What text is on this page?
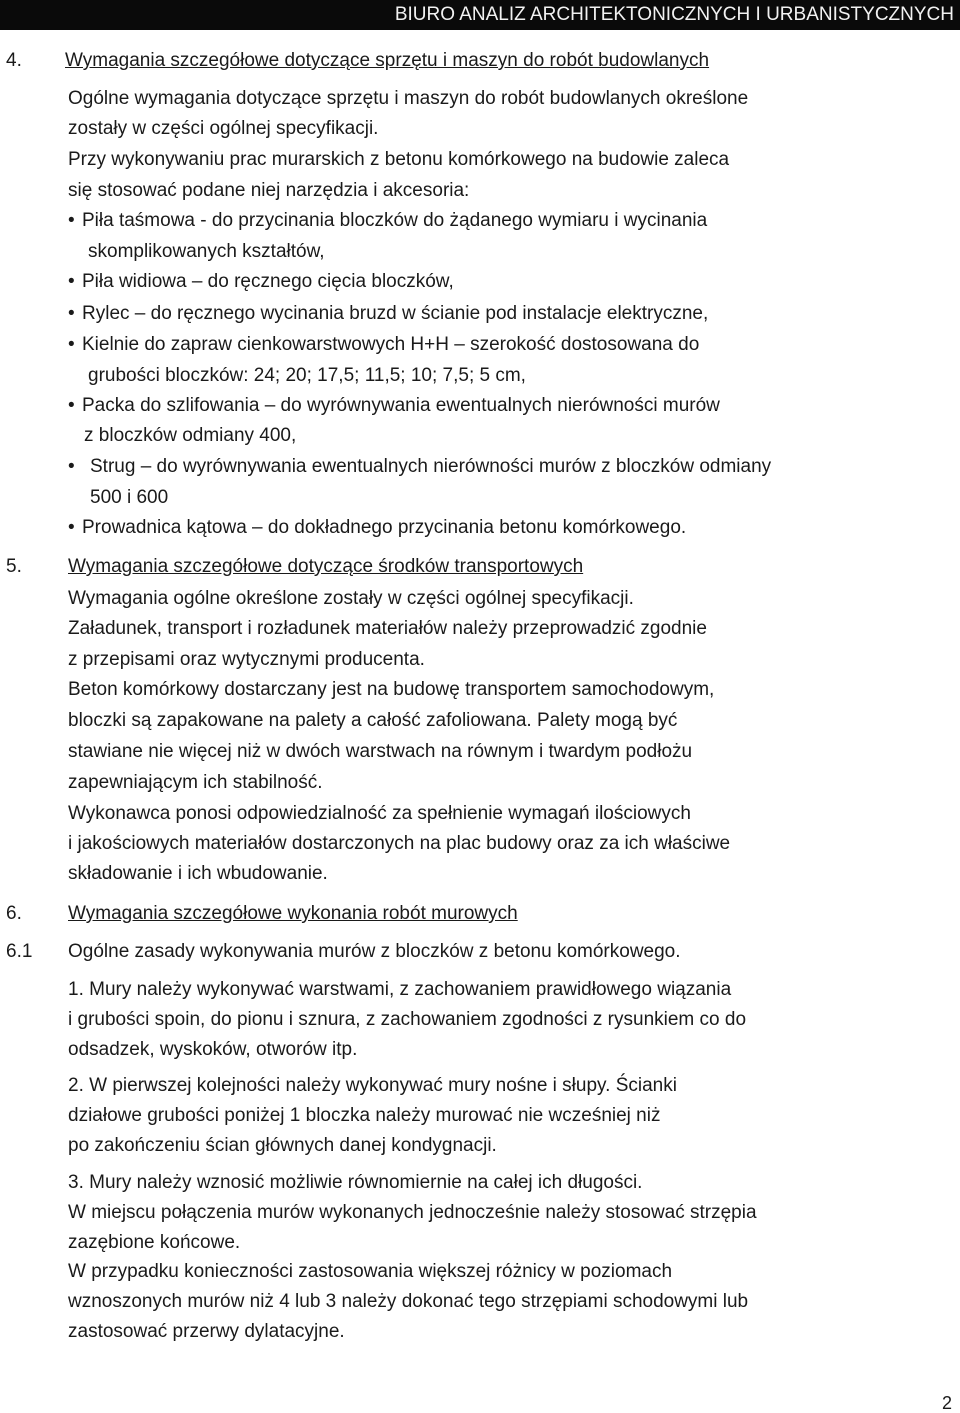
BIURO ANALIZ ARCHITEKTONICZNYCH I URBANISTYCZNYCH
4. Wymagania szczegółowe dotyczące sprzętu i maszyn do robót budowlanych
Ogólne wymagania dotyczące sprzętu i maszyn do robót budowlanych określone
zostały w części ogólnej specyfikacji.
Przy wykonywaniu prac murarskich z betonu komórkowego na budowie zaleca
się stosować podane niej narzędzia i akcesoria:
• Piła taśmowa - do przycinania bloczków do żądanego wymiaru i wycinania
skomplikowanych kształtów,
• Piła widiowa – do ręcznego cięcia bloczków,
• Rylec – do ręcznego wycinania bruzd w ścianie pod instalacje elektryczne,
• Kielnie do zapraw cienkowarstwowych H+H – szerokość dostosowana do
grubości bloczków: 24; 20; 17,5; 11,5; 10; 7,5; 5 cm,
• Packa do szlifowania – do wyrównywania ewentualnych nierówności murów
z bloczków odmiany 400,
• Strug – do wyrównywania ewentualnych nierówności murów z bloczków odmiany
500 i 600
• Prowadnica kątowa – do dokładnego przycinania betonu komórkowego.
5. Wymagania szczegółowe dotyczące środków transportowych
Wymagania ogólne określone zostały w części ogólnej specyfikacji.
Załadunek, transport i rozładunek materiałów należy przeprowadzić zgodnie
z przepisami oraz wytycznymi producenta.
Beton komórkowy dostarczany jest na budowę transportem samochodowym,
bloczki są zapakowane na palety a całość zafoliowana. Palety mogą być
stawiane nie więcej niż w dwóch warstwach na równym i twardym podłożu
zapewniającym ich stabilność.
Wykonawca ponosi odpowiedzialność za spełnienie wymagań ilościowych
i jakościowych materiałów dostarczonych na plac budowy oraz za ich właściwe
składowanie i ich wbudowanie.
6. Wymagania szczegółowe wykonania robót murowych
6.1 Ogólne zasady wykonywania murów z bloczków z betonu komórkowego.
1. Mury należy wykonywać warstwami, z zachowaniem prawidłowego wiązania
i grubości spoin, do pionu i sznura, z zachowaniem zgodności z rysunkiem co do
odsadzek, wyskoków, otworów itp.
2. W pierwszej kolejności należy wykonywać mury nośne i słupy. Ścianki
działowe grubości poniżej 1 bloczka należy murować nie wcześniej niż
po zakończeniu ścian głównych danej kondygnacji.
3. Mury należy wznosić możliwie równomiernie na całej ich długości.
W miejscu połączenia murów wykonanych jednocześnie należy stosować strzępia
zazębione końcowe.
W przypadku konieczności zastosowania większej różnicy w poziomach
wznoszonych murów niż 4 lub 3 należy dokonać tego strzępiami schodowymi lub
zastosować przerwy dylatacyjne.
2
